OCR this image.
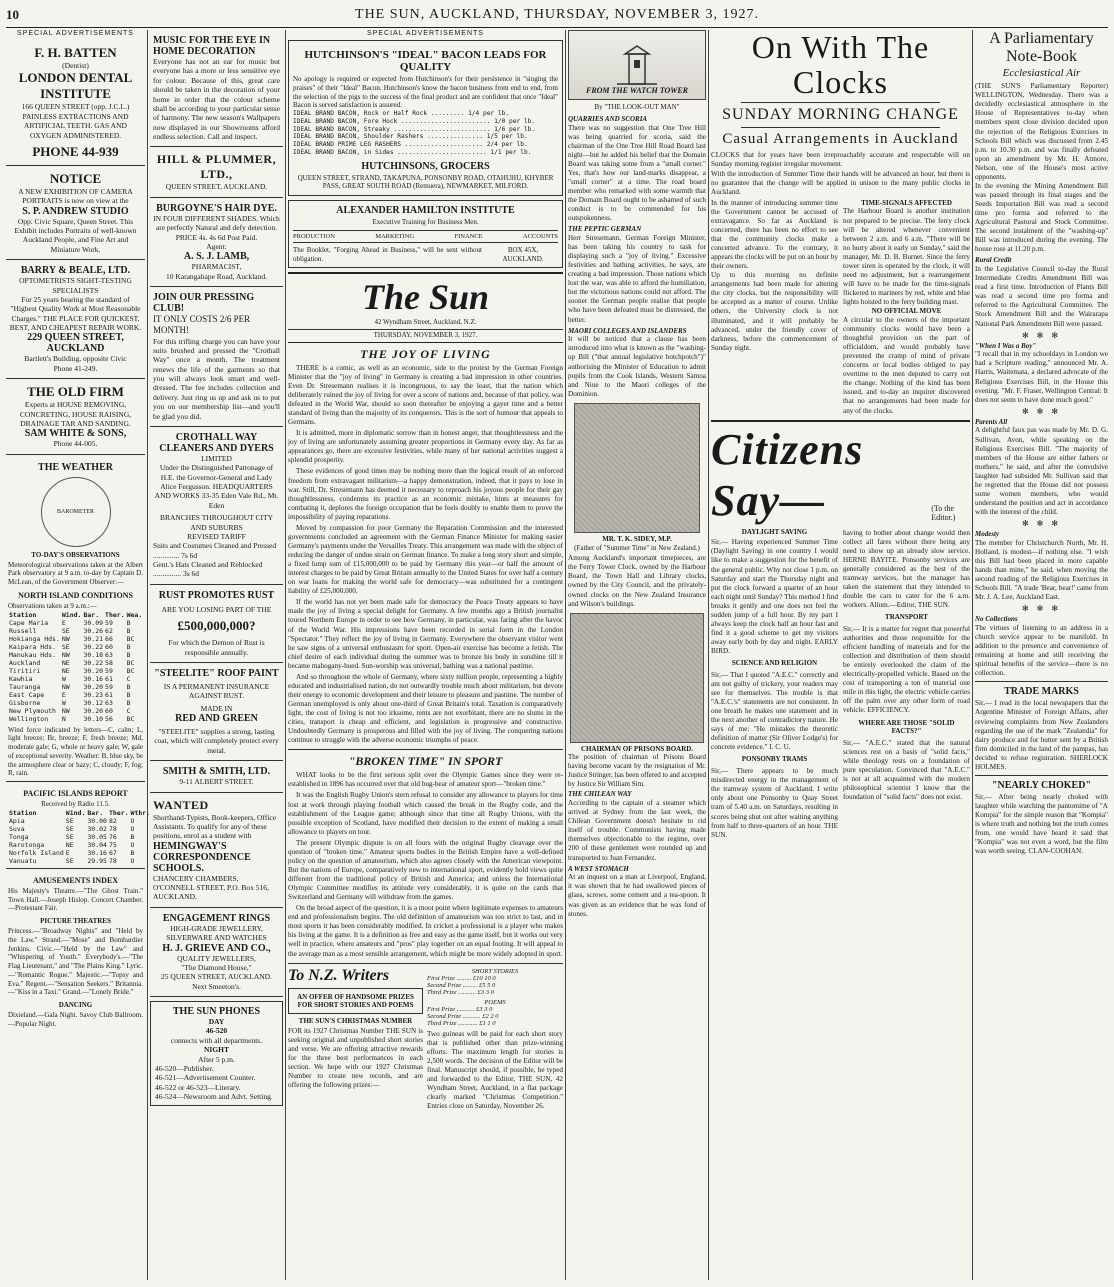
10	THE SUN, AUCKLAND, THURSDAY, NOVEMBER 3, 1927.
SPECIAL ADVERTISEMENTS
F. H. BATTEN

(Dentist)

LONDON DENTAL
INSTITUTE

166 QUEEN STREET (opp. J.C.L.) PAINLESS EXTRACTIONS AND ARTIFICIAL TEETH. GAS AND OXYGEN ADMINISTERED.

PHONE 44-939
NOTICE

A NEW EXHIBITION OF CAMERA PORTRAITS is now on view at the

S. P. ANDREW STUDIO

Opp. Civic Square, Queen Street. This Exhibit includes Portraits of well-known Auckland People, and Fine Art and Miniature Work.

BARRY & BEALE, LTD.

OPTOMETRISTS SIGHT-TESTING SPECIALISTS

For 25 years bearing the standard of "Highest Quality Work at Most Reasonable Charges." THE PLACE FOR QUICKEST, BEST, AND CHEAPEST REPAIR WORK.

229 QUEEN STREET, AUCKLAND

Bartlett's Building, opposite Civic

Phone 41-249.

THE OLD FIRM

Experts at HOUSE REMOVING, CONCRETING, HOUSE RAISING, DRAINAGE TAR AND SANDING.

SAM WHITE & SONS,

Phone 44-005.

THE WEATHER
BAROMETER
TO-DAY'S OBSERVATIONS
Meteorological observations taken at the Albert Park observatory at 9 a.m. to-day by Captain D. McLean, of the Government Observer:—
NORTH ISLAND CONDITIONS
Observations taken at 9 a.m.:—
Station	Wind.	Bar.	Ther.	Wea.
Cape Maria	E	30.09	59	B
Russell	SE	30.26	62	B
Hokianga Hds.	NW	30.21	66	BC
Kaipara Hds.	SE	30.22	60	B
Manukau Hds.	NW	30.18	63	B
Auckland	NE	30.22	58	BC
Tiritiri	NE	30.20	59	BC
Kawhia	W	30.16	61	C
Tauranga	NW	30.20	59	B
East Cape	E	30.23	61	B
Gisborne	W	30.12	63	B
New Plymouth	NW	30.20	60	C
Wellington	N	30.10	56	BC
Wind force indicated by letters—C, calm; L, light breeze; Br, breeze; F, fresh breeze; Md, moderate gale; G, whole or heavy gale; W, gale of exceptional severity. Weather: B, blue sky, be the atmosphere clear or hazy; C, cloudy; F, fog; R, rain.
PACIFIC ISLANDS REPORT
Received by Radio 11.5.
Station	Wind.	Bar.	Ther.	Wthr.
Apia	SE	30.00	82	O
Suva	SE	30.02	78	O
Tonga	SE	30.05	76	B
Rarotonga	NE	30.04	75	O
Norfolk Island	E	30.16	67	B
Vanuatu	SE	29.95	78	O
AMUSEMENTS INDEX
His Majesty's Theatre.—"The Ghost Train." Town Hall.—Joseph Hislop. Concert Chamber.—Protestant Fair.
PICTURE THEATRES
Princess.—"Broadway Nights" and "Held by the Law." Strand.—"Mose" and Bombardier Jenkins. Civic.—"Held by the Law" and "Whispering of Youth." Everybody's.—"The Flag Lieutenant," and "The Plains King." Lyric.—"Romantic Rogue." Majestic.—"Topsy and Eva." Regent.—"Sensation Seekers." Britannia.—"Kiss in a Taxi." Grand.—"Lonely Bride."
DANCING
Dixieland.—Gala Night. Savoy Club Ballroom.—Popular Night.
MUSIC FOR THE EYE IN HOME DECORATION

Everyone has not an ear for music but everyone has a more or less sensitive eye for colour. Because of this, great care should be taken in the decoration of your home in order that the colour scheme shall be according to your particular sense of harmony. The new season's Wallpapers now displayed in our Showrooms afford endless selection. Call and inspect.

HILL & PLUMMER, LTD.,

QUEEN STREET, AUCKLAND.

BURGOYNE'S HAIR DYE.

IN FOUR DIFFERENT SHADES. Which are perfectly Natural and defy detection.

PRICE 4s. 4s 6d Post Paid.

Agent:

A. S. J. LAMB,

PHARMACIST,

10 Karangahape Road, Auckland.

JOIN OUR PRESSING CLUB!

IT ONLY COSTS 2/6 PER MONTH!

For this trifling charge you can have your suits brushed and pressed the "Crothall Way" once a month. The treatment renews the life of the garments so that you will always look smart and well-dressed. The fee includes collection and delivery. Just ring us up and ask us to put you on our membership list—and you'll be glad you did.

CROTHALL WAY CLEANERS AND DYERS

LIMITED

Under the Distinguished Patronage of H.E. the Governor-General and Lady Alice Fergusson. HEADQUARTERS AND WORKS 33-35 Eden Vale Rd., Mt. Eden

BRANCHES THROUGHOUT CITY AND SUBURBS

REVISED TARIFF

Suits and Costumes Cleaned and Pressed .............. 7s 6d

Gent.'s Hats Cleaned and Reblocked ............... 3s 6d

RUST PROMOTES RUST

ARE YOU LOSING PART OF THE

£500,000,000?

For which the Demon of Rust is responsible annually.

"STEELITE" ROOF PAINT

IS A PERMANENT INSURANCE AGAINST RUST.

MADE IN

RED AND GREEN

"STEELITE" supplies a strong, lasting coat, which will completely protect every metal.

SMITH & SMITH, LTD.

9-11 ALBERT STREET.

WANTED

Shorthand-Typists, Book-keepers, Office Assistants. To qualify for any of these positions, enrol as a student with

HEMINGWAY'S CORRESPONDENCE SCHOOLS.

CHANCERY CHAMBERS, O'CONNELL STREET, P.O. Box 516, AUCKLAND.

ENGAGEMENT RINGS

HIGH-GRADE JEWELLERY, SILVERWARE AND WATCHES

H. J. GRIEVE AND CO.,

QUALITY JEWELLERS,

"The Diamond House,"

25 QUEEN STREET, AUCKLAND.

Next Smeeton's.

THE SUN PHONES

DAY

46-520

connects with all departments.

NIGHT

After 5 p.m.

46-520—Publisher.

46-521—Advertisement Counter.

46-522 or 46-523—Literary.

46-524—Newsroom and Advt. Setting.

SPECIAL ADVERTISEMENTS
HUTCHINSON'S "IDEAL" BACON LEADS FOR QUALITY
No apology is required or expected from Hutchinson's for their persistence in "singing the praises" of their "Ideal" Bacon. Hutchinson's know the bacon business from end to end, from the selection of the pigs to the success of the final product and are confident that once "Ideal" Bacon is served satisfaction is assured.
IDEAL BRAND BACON, Rock or Half Rock ......... 1/4 per lb.
IDEAL BRAND BACON, Fore Hock ........................ 1/0 per lb.
IDEAL BRAND BACON, Streaky .......................... 1/6 per lb.
IDEAL BRAND BACON, Shoulder Rashers ............... 1/5 per lb.
IDEAL BRAND PRIME LEG RASHERS ..................... 2/4 per lb.
IDEAL BRAND BACON, in Sides ........................ 1/1 per lb.
HUTCHINSONS, GROCERS
QUEEN STREET, STRAND, TAKAPUNA, PONSONBY ROAD, OTAHUHU, KHYBER PASS, GREAT SOUTH ROAD (Remuera), NEWMARKET, MILFORD.
ALEXANDER HAMILTON INSTITUTE
Executive Training for Business Men.
PRODUCTION	MARKETING	FINANCE	ACCOUNTS
The Booklet, "Forging Ahead in Business," will be sent without obligation.
BOX 45X, AUCKLAND.
The Sun
42 Wyndham Street, Auckland, N.Z.
THURSDAY, NOVEMBER 3, 1927.
THE JOY OF LIVING

THERE is a comic, as well as an economic, side to the protest by the German Foreign Minister that the "joy of living" in Germany is creating a bad impression in other countries. Even Dr. Stresemann realises it is incongruous, to say the least, that the nation which deliberately ruined the joy of living for over a score of nations and, because of that policy, was defeated in the World War, should so soon thereafter be enjoying a gayer time and a better standard of living than the majority of its conquerors. This is the sort of humour that appeals to Germans.

It is admitted, more in diplomatic sorrow than in honest anger, that thoughtlessness and the joy of living are unfortunately assuming greater proportions in Germany every day. As far as appearances go, there are excessive festivities, while many of her national activities suggest a splendid prosperity.

These evidences of good times may be nothing more than the logical result of an enforced freedom from extravagant militarism—a happy demonstration, indeed, that it pays to lose in war. Still, Dr. Stresemann has deemed it necessary to reproach his joyous people for their gay thoughtlessness, condemns its practice as an economic mistake, hints at measures for combating it, deplores the foreign occupation that he feels doubly to enable them to prove the impossibility of paying reparations.

Moved by compassion for poor Germany the Reparation Commission and the interested governments concluded an agreement with the German Finance Minister for making easier Germany's payments under the Versailles Treaty. This arrangement was made with the object of reducing the danger of undue strain on German finance. To make a long story short and simple, a fixed lump sum of £15,000,000 to be paid by Germany this year—or half the amount of interest charges to be paid by Great Britain annually to the United States for over half a century on war loans for making the world safe for democracy—was substituted for a contingent liability of £25,000,000.

If the world has not yet been made safe for democracy the Peace Treaty appears to have made the joy of living a special delight for Germany. A few months ago a British journalist toured Northern Europe in order to see how Germany, in particular, was faring after the havoc of the World War. His impressions have been recorded in serial form in the London "Spectator." They reflect the joy of living in Germany. Everywhere the observant visitor went he saw signs of a universal enthusiasm for sport. Open-air exercise has become a fetish. The chief desire of each individual during the summer was to bronze his body in sunshine till it became mahogany-hued. Sun-worship was universal, bathing was a national pastime.

And so throughout the whole of Germany, where sixty million people, representing a highly educated and industrialised nation, do not outwardly trouble much about militarism, but devote their energy to economic development and their leisure to pleasure and pastime. The number of German unemployed is only about one-third of Great Britain's total. Taxation is comparatively light, the cost of living is not too irksome, rents are not exorbitant, there are no slums in the cities, transport is cheap and efficient, and legislation is progressive and constructive. Undoubtedly Germany is prosperous and filled with the joy of living. The conquering nations continue to struggle with the adverse economic triumphs of peace.

"BROKEN TIME" IN SPORT

WHAT looks to be the first serious split over the Olympic Games since they were re-established in 1896 has occurred over that old bug-bear of amateur sport—"broken time."

It was the English Rugby Union's stern refusal to consider any allowance to players for time lost at work through playing football which caused the break in the Rugby code, and the establishment of the League game; although since that time all Rugby Unions, with the possible exception of Scotland, have modified their decision to the extent of making a small allowance to players on tour.

The present Olympic dispute is on all fours with the original Rugby cleavage over the question of "broken time." Amateur sports bodies in the British Empire have a well-defined policy on the question of amateurism, which also agrees closely with the American viewpoint. But the nations of Europe, comparatively new to international sport, evidently hold views quite different from the traditional policy of British and America; and unless the International Olympic Committee modifies its attitude very considerably, it is quite on the cards that Switzerland and Germany will withdraw from the games.

On the broad aspect of the question, it is a moot point where legitimate expenses to amateurs end and professionalism begins. The old definition of amateurism was too strict to last, and in most sports it has been considerably modified. In cricket a professional is a player who makes his living at the game. It is a definition as free and easy as the game itself, but it works out very well in practice, where amateurs and "pros" play together on an equal footing. It will appeal to the average man as a most sensible arrangement, which might be more widely adopted in sport.

To N.Z. Writers
AN OFFER OF HANDSOME PRIZES FOR SHORT STORIES AND POEMS
THE SUN'S CHRISTMAS NUMBER
FOR its 1927 Christmas Number THE SUN is seeking original and unpublished short stories and verse. We are offering attractive rewards for the three best performances in each section. We hope with our 1927 Christmas Number to create new records, and are offering the following prizes:—
SHORT STORIES
First Prize ......... £10 10 0
Second Prize ......... £5 5 0
Third Prize ........... £3 3 0
POEMS
First Prize ........... £3 3 0
Second Prize ........... £2 2 0
Third Prize ............ £1 1 0
Two guineas will be paid for each short story that is published other than prize-winning efforts. The maximum length for stories is 2,500 words. The decision of the Editor will be final. Manuscript should, if possible, be typed and forwarded to the Editor, THE SUN, 42 Wyndham Street, Auckland, in a flat package clearly marked "Christmas Competition." Entries close on Saturday, November 26.
FROM THE WATCH TOWER
By "THE LOOK-OUT MAN"
QUARRIES AND SCORIA
There was no suggestion that One Tree Hill was being quarried for scoria, said the chairman of the One Tree Hill Road Board last night—but he added his belief that the Domain Board was taking some from a "small corner." Yes, that's how our land-marks disappear, a "small corner" at a time. The road board member who remarked with some warmth that the Domain Board ought to be ashamed of such conduct is to be commended for his outspokenness.
THE PEPTIC GERMAN
Herr Stresemann, German Foreign Minister, has been taking his country to task for displaying such a "joy of living." Excessive festivities and bathing activities, he says, are creating a bad impression. Those nations which lost the war, was able to afford the humiliation, but the victorious nations could not afford. The sooner the German people realise that people who have been defeated must be distressed, the better.
MAORI COLLEGES AND ISLANDERS
It will be noticed that a clause has been introduced into what is known as the "washing-up Bill ("that annual legislative hotchpotch")" authorising the Minister of Education to admit pupils from the Cook Islands, Western Samoa and Niue to the Maori colleges of the Dominion.
MR. T. K. SIDEY, M.P.
(Father of "Summer Time" in New Zealand.)
Among Auckland's important timepieces, are the Ferry Tower Clock, owned by the Harbour Board, the Town Hall and Library clocks, owned by the City Council, and the privately-owned clocks on the New Zealand Insurance and Wilson's buildings.
CHAIRMAN OF PRISONS BOARD.
The position of chairman of Prisons Board having become vacant by the resignation of Mr. Justice Stringer, has been offered to and accepted by Justice Sir William Sim.
THE CHILEAN WAY
According to the captain of a steamer which arrived at Sydney from the last week, the Chilean Government doesn't hesitate to rid itself of trouble. Communists having made themselves objectionable to the regime, over 200 of these gentlemen were rounded up and transported to Juan Fernandez.
A WEST STOMACH
At an inquest on a man at Liverpool, England, it was shown that he had swallowed pieces of glass, screws, some cement and a tea-spoon. It was given as an evidence that he was fond of stones.
On With The Clocks
SUNDAY MORNING CHANGE
Casual Arrangements in Auckland
CLOCKS that for years have been irreproachably accurate and respectable will on Sunday morning register irregular movement.
With the introduction of Summer Time their hands will be advanced an hour, but there is no guarantee that the change will be applied in unison to the many public clocks in Auckland.
In the manner of introducing summer time the Government cannot be accused of extravagance. So far as Auckland is concerned, there has been no effort to see that the community clocks make a concerted advance. To the contrary, it appears the clocks will be put on an hour by their owners.
Up to this morning no definite arrangements had been made for altering the city clocks, but the responsibility will be accepted as a matter of course. Unlike others, the University clock is not illuminated, and it will probably be advanced, under the friendly cover of darkness, before the commencement of Sunday night.
TIME-SIGNALS AFFECTED
The Harbour Board is another institution not prepared to be precise. The ferry clock will be altered whenever convenient between 2 a.m. and 6 a.m. "There will be no hurry about it early on Sunday," said the manager, Mr. D. B. Burnet. Since the ferry tower siren is operated by the clock, it will need no adjustment, but a rearrangement will have to be made for the time-signals flickered to mariners by red, white and blue lights hoisted to the ferry building mast.
NO OFFICIAL MOVE
A circular to the owners of the important community clocks would have been a thoughtful provision on the part of officialdom, and would probably have prevented the cramp of mind of private concerns or local bodies obliged to pay overtime to the men deputed to carry out the change. Nothing of the kind has been issued, and to-day an inquirer discovered that no arrangements had been made for any of the clocks.
Citizens Say—	(To the Editor.)
DAYLIGHT SAVING
Sir,— Having experienced Summer Time (Daylight Saving) in one country I would like to make a suggestion for the benefit of the general public. Why not close 1 p.m. on Saturday and start the Thursday night and put the clock forward a quarter of an hour each night until Sunday? This method I find breaks it gently and one does not feel the sudden jump of a full hour. By my part I always keep the clock half an hour fast and find it a good scheme to get my visitors away early both by day and night. EARLY BIRD.
SCIENCE AND RELIGION
Sir,— That I quoted "A.E.C." correctly and am not guilty of trickery, your readers may see for themselves. The trouble is that "A.E.C.'s" statements are not consistent. In one breath he makes one statement and in the next another of contradictory nature. He says of me: "He mistakes the theoretic definition of matter (Sir Oliver Lodge's) for concrete evidence." I. C. U.
PONSONBY TRAMS
Sir,— There appears to be much misdirected energy in the management of the tramway system of Auckland. I write only about one Ponsonby to Quay Street tram of 5.40 a.m. on Saturdays, resulting in scores being shut out after waiting anything from half to three-quarters of an hour. THE SUN.
having to bother about change would then collect all fares without there being any need to show up an already slow service. HERNE BAYITE. Ponsonby services are generally considered as the best of the tramway services, but the manager has taken the statement that they intended to double the cars to cater for the 6 a.m. workers. Allum.—Editor, THE SUN.
TRANSPORT
Sir,— It is a matter for regret that powerful authorities and those responsible for the efficient handling of materials and for the collection and distribution of them should be entirely overlooked the claim of the electrically-propelled vehicle. Based on the cost of transporting a ton of material one mile in this light, the electric vehicle carries off the palm over any other form of road vehicle. EFFICIENCY.
WHERE ARE THOSE "SOLID FACTS?"
Sir,— "A.E.C." stated that the natural sciences rest on a basis of "solid facts," while theology rests on a foundation of pure speculation. Convinced that "A.E.C." is not at all acquainted with the modern philosophical scientist I know that the foundation of "solid facts" does not exist.
A Parliamentary Note-Book
Ecclesiastical Air
(THE SUN'S Parliamentary Reporter) WELLINGTON, Wednesday. There was a decidedly ecclesiastical atmosphere in the House of Representatives to-day when members spent close division decided upon the rejection of the Religious Exercises in Schools Bill which was discussed from 2.45 p.m. to 10.30 p.m. and was finally defeated upon an amendment by Mr. H. Atmore, Nelson, one of the House's most active opponents.
In the evening the Mining Amendment Bill was passed through its final stages and the Seeds Importation Bill was read a second time pro forma and referred to the Agricultural Pastoral and Stock Committee. The second instalment of the "washing-up" Bill was introduced during the evening. The house rose at 11.20 p.m.
Rural Credit
In the Legislative Council to-day the Rural Intermediate Credits Amendment Bill was read a first time. Introduction of Plants Bill was read a second time pro forma and referred to the Agricultural Committee. The Stock Amendment Bill and the Wairarapa National Park Amendment Bill were passed.
✻ ✻ ✻
"When I Was a Boy"
"I recall that in my schooldays in London we had a Scripture reading," announced Mr. A. Harris, Waitemata, a declared advocate of the Religious Exercises Bill, in the House this evening. "Mr. F. Fraser, Wellington Central: It does not seem to have done much good."
✻ ✻ ✻
Parents All
A delightful faux pas was made by Mr. D. G. Sullivan, Avon, while speaking on the Religious Exercises Bill. "The majority of members of the House are either fathers or mothers," he said, and after the convulsive laughter had subsided Mr. Sullivan said that he regretted that the House did not possess some women members, who would understand the position and act in accordance with the interest of the child.
✻ ✻ ✻
Modesty
The member for Christchurch North, Mr. H. Holland, is modest—if nothing else. "I wish this Bill had been placed in more capable hands than mine," he said, when moving the second reading of the Religious Exercises in Schools Bill. "A trade 'Bear, bear!' came from Mr. J. A. Lee, Auckland East.
✻ ✻ ✻
No Collections
The virtues of listening to an address in a church service appear to be manifold. In addition to the presence and convenience of remaining at home and still receiving the spiritual benefits of the service—there is no collection.
TRADE MARKS
Sir,— I read in the local newspapers that the Argentine Minister of Foreign Affairs, after reviewing complaints from New Zealanders regarding the use of the mark "Zealandia" for dairy produce and for butter sent by a British firm domiciled in the land of the pampas, has decided to refuse registration. SHERLOCK HOLMES.
"NEARLY CHOKED"
Sir,— After being nearly choked with laughter while watching the pantomime of "A Kompia" for the simple reason that "Kompia" is where truth and nothing but the truth comes from, one would have heard it said that "Kompia" was not even a word, but the film was worth seeing. CLAN-COOHAN.
